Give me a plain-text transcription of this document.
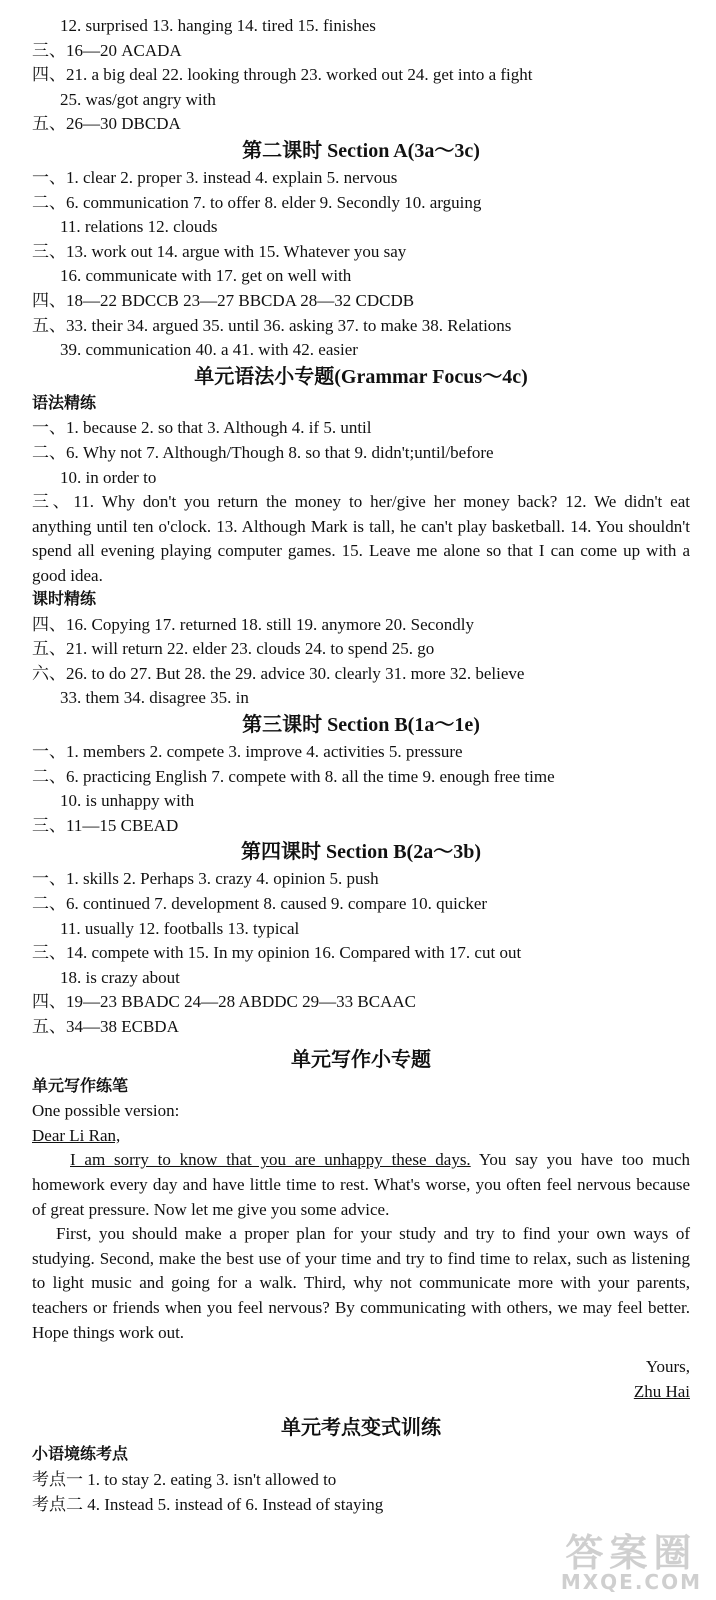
12. surprised 13. hanging 14. tired 15. finishes
三、16—20 ACADA
四、21. a big deal 22. looking through 23. worked out 24. get into a fight
25. was/got angry with
五、26—30 DBCDA
第二课时 Section A(3a～3c)
一、1. clear 2. proper 3. instead 4. explain 5. nervous
二、6. communication 7. to offer 8. elder 9. Secondly 10. arguing
11. relations 12. clouds
三、13. work out 14. argue with 15. Whatever you say
16. communicate with 17. get on well with
四、18—22 BDCCB 23—27 BBCDA 28—32 CDCDB
五、33. their 34. argued 35. until 36. asking 37. to make 38. Relations
39. communication 40. a 41. with 42. easier
单元语法小专题(Grammar Focus～4c)
语法精练
一、1. because 2. so that 3. Although 4. if 5. until
二、6. Why not 7. Although/Though 8. so that 9. didn't;until/before
10. in order to
三、11. Why don't you return the money to her/give her money back? 12. We didn't eat anything until ten o'clock. 13. Although Mark is tall, he can't play basketball. 14. You shouldn't spend all evening playing computer games. 15. Leave me alone so that I can come up with a good idea.
课时精练
四、16. Copying 17. returned 18. still 19. anymore 20. Secondly
五、21. will return 22. elder 23. clouds 24. to spend 25. go
六、26. to do 27. But 28. the 29. advice 30. clearly 31. more 32. believe
33. them 34. disagree 35. in
第三课时 Section B(1a～1e)
一、1. members 2. compete 3. improve 4. activities 5. pressure
二、6. practicing English 7. compete with 8. all the time 9. enough free time
10. is unhappy with
三、11—15 CBEAD
第四课时 Section B(2a～3b)
一、1. skills 2. Perhaps 3. crazy 4. opinion 5. push
二、6. continued 7. development 8. caused 9. compare 10. quicker
11. usually 12. footballs 13. typical
三、14. compete with 15. In my opinion 16. Compared with 17. cut out
18. is crazy about
四、19—23 BBADC 24—28 ABDDC 29—33 BCAAC
五、34—38 ECBDA
单元写作小专题
单元写作练笔
One possible version:
Dear Li Ran,
I am sorry to know that you are unhappy these days. You say you have too much homework every day and have little time to rest. What's worse, you often feel nervous because of great pressure. Now let me give you some advice.
First, you should make a proper plan for your study and try to find your own ways of studying. Second, make the best use of your time and try to find time to relax, such as listening to light music and going for a walk. Third, why not communicate more with your parents, teachers or friends when you feel nervous? By communicating with others, we may feel better. Hope things work out.
Yours,
Zhu Hai
单元考点变式训练
小语境练考点
考点一 1. to stay 2. eating 3. isn't allowed to
考点二 4. Instead 5. instead of 6. Instead of staying
答案圈
MXQE.COM
